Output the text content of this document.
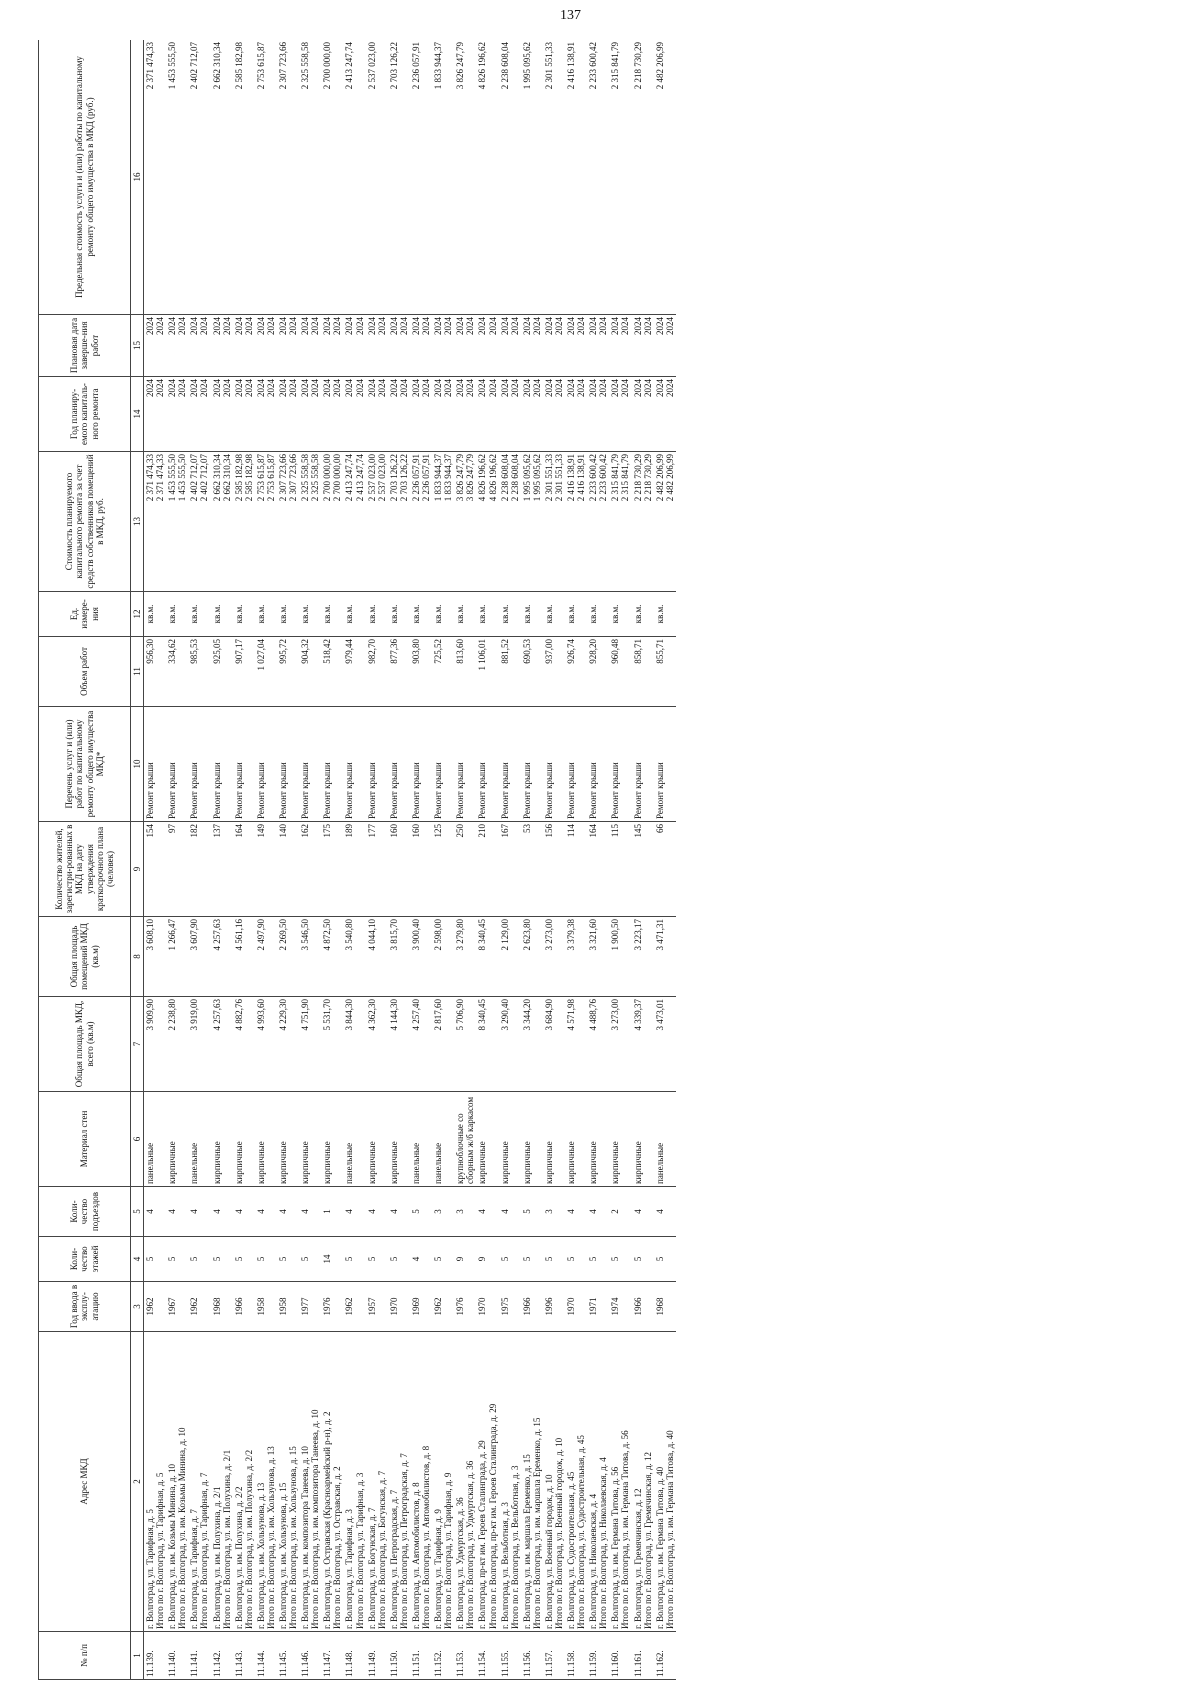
137
№ п/п	Адрес МКД	Год ввода в эксплу-атацию	Коли-чество этажей	Коли-чество подъездов	Материал стен	Общая площадь МКД, всего (кв.м)	Общая площадь помещений МКД (кв.м)	Количество жителей, зарегистри-рованных в МКД на дату утверждения краткосрочного плана (человек)	Перечень услуг и (или) работ по капитальному ремонту общего имущества МКД*	Объем работ	Ед. измере-ния	Стоимость планируемого капитального ремонта за счет средств собственников помещений в МКД, руб.	Год планиру-емого капиталь-ного ремонта	Плановая дата заверше-ния работ	Предельная стоимость услуги и (или) работы по капитальному ремонту общего имущества в МКД (руб.)
1	2	3	4	5	6	7	8	9	10	11	12	13	14	15	16
11.139.	г. Волгоград, ул. Тарифная, д. 5 Итого по г. Волгоград, ул. Тарифная, д. 5	1962	5	4	панельные	3 909,90	3 608,10	154	Ремонт крыши	956,30	кв.м.	2 371 474,33 2 371 474,33	2024 2024	2024 2024	2 371 474,33
11.140.	г. Волгоград, ул. им. Козьмы Минина, д. 10 Итого по г. Волгоград, ул. им. Козьмы Минина, д. 10	1967	5	4	кирпичные	2 238,80	1 266,47	97	Ремонт крыши	334,62	кв.м.	1 453 555,50 1 453 555,50	2024 2024	2024 2024	1 453 555,50
11.141.	г. Волгоград, ул. Тарифная, д. 7 Итого по г. Волгоград, ул. Тарифная, д. 7	1962	5	4	панельные	3 919,00	3 607,90	182	Ремонт крыши	985,53	кв.м.	2 402 712,07 2 402 712,07	2024 2024	2024 2024	2 402 712,07
11.142.	г. Волгоград, ул. им. Полухина, д. 2/1 Итого по г. Волгоград, ул. им. Полухина, д. 2/1	1968	5	4	кирпичные	4 257,63	4 257,63	137	Ремонт крыши	925,05	кв.м.	2 662 310,34 2 662 310,34	2024 2024	2024 2024	2 662 310,34
11.143.	г. Волгоград, ул. им. Полухина, д. 2/2 Итого по г. Волгоград, ул. им. Полухина, д. 2/2	1966	5	4	кирпичные	4 882,76	4 561,16	164	Ремонт крыши	907,17	кв.м.	2 585 182,98 2 585 182,98	2024 2024	2024 2024	2 585 182,98
11.144.	г. Волгоград, ул. им. Хользунова, д. 13 Итого по г. Волгоград, ул. им. Хользунова, д. 13	1958	5	4	кирпичные	4 993,60	2 497,90	149	Ремонт крыши	1 027,04	кв.м.	2 753 615,87 2 753 615,87	2024 2024	2024 2024	2 753 615,87
11.145.	г. Волгоград, ул. им. Хользунова, д. 15 Итого по г. Волгоград, ул. им. Хользунова, д. 15	1958	5	4	кирпичные	4 229,30	2 269,50	140	Ремонт крыши	995,72	кв.м.	2 307 723,66 2 307 723,66	2024 2024	2024 2024	2 307 723,66
11.146.	г. Волгоград, ул. им. композитора Танеева, д. 10 Итого по г. Волгоград, ул. им. композитора Танеева, д. 10	1977	5	4	кирпичные	4 751,90	3 546,50	162	Ремонт крыши	904,32	кв.м.	2 325 558,58 2 325 558,58	2024 2024	2024 2024	2 325 558,58
11.147.	г. Волгоград, ул. Остравская (Красноармейский р-н), д. 2 Итого по г. Волгоград, ул. Остравская, д. 2	1976	14	1	кирпичные	5 531,70	4 872,50	175	Ремонт крыши	518,42	кв.м.	2 700 000,00 2 700 000,00	2024 2024	2024 2024	2 700 000,00
11.148.	г. Волгоград, ул. Тарифная, д. 3 Итого по г. Волгоград, ул. Тарифная, д. 3	1962	5	4	панельные	3 844,30	3 540,80	189	Ремонт крыши	979,44	кв.м.	2 413 247,74 2 413 247,74	2024 2024	2024 2024	2 413 247,74
11.149.	г. Волгоград, ул. Богунская, д. 7 Итого по г. Волгоград, ул. Богунская, д. 7	1957	5	4	кирпичные	4 362,30	4 044,10	177	Ремонт крыши	982,70	кв.м.	2 537 023,00 2 537 023,00	2024 2024	2024 2024	2 537 023,00
11.150.	г. Волгоград, ул. Петроградская, д. 7 Итого по г. Волгоград, ул. Петроградская, д. 7	1970	5	4	кирпичные	4 144,30	3 815,70	160	Ремонт крыши	877,36	кв.м.	2 703 126,22 2 703 126,22	2024 2024	2024 2024	2 703 126,22
11.151.	г. Волгоград, ул. Автомобилистов, д. 8 Итого по г. Волгоград, ул. Автомобилистов, д. 8	1969	4	5	панельные	4 257,40	3 900,40	160	Ремонт крыши	903,80	кв.м.	2 236 057,91 2 236 057,91	2024 2024	2024 2024	2 236 057,91
11.152.	г. Волгоград, ул. Тарифная, д. 9 Итого по г. Волгоград, ул. Тарифная, д. 9	1962	5	3	панельные	2 817,60	2 598,00	125	Ремонт крыши	725,52	кв.м.	1 833 944,37 1 833 944,37	2024 2024	2024 2024	1 833 944,37
11.153.	г. Волгоград, ул. Удмуртская, д. 36 Итого по г. Волгоград, ул. Удмуртская, д. 36	1976	9	3	крупноблочные со сборным ж/б каркасом	5 706,90	3 279,80	250	Ремонт крыши	813,60	кв.м.	3 826 247,79 3 826 247,79	2024 2024	2024 2024	3 826 247,79
11.154.	г. Волгоград, пр-кт им. Героев Сталинграда, д. 29 Итого по г. Волгоград, пр-кт им. Героев Сталинграда, д. 29	1970	9	4	кирпичные	8 340,45	8 340,45	210	Ремонт крыши	1 106,01	кв.м.	4 826 196,62 4 826 196,62	2024 2024	2024 2024	4 826 196,62
11.155.	г. Волгоград, ул. Вельботная, д. 3 Итого по г. Волгоград, ул. Вельботная, д. 3	1975	5	4	кирпичные	3 290,40	2 129,00	167	Ремонт крыши	881,52	кв.м.	2 238 608,04 2 238 608,04	2024 2024	2024 2024	2 238 608,04
11.156.	г. Волгоград, ул. им. маршала Еременко, д. 15 Итого по г. Волгоград, ул. им. маршала Еременко, д. 15	1966	5	5	кирпичные	3 344,20	2 623,80	53	Ремонт крыши	690,53	кв.м.	1 995 095,62 1 995 095,62	2024 2024	2024 2024	1 995 095,62
11.157.	г. Волгоград, ул. Военный городок, д. 10 Итого по г. Волгоград, ул. Военный городок, д. 10	1996	5	3	кирпичные	3 684,90	3 273,00	156	Ремонт крыши	937,00	кв.м.	2 301 551,33 2 301 551,33	2024 2024	2024 2024	2 301 551,33
11.158.	г. Волгоград, ул. Судостроительная, д. 45 Итого по г. Волгоград, ул. Судостроительная, д. 45	1970	5	4	кирпичные	4 571,98	3 379,38	114	Ремонт крыши	926,74	кв.м.	2 416 138,91 2 416 138,91	2024 2024	2024 2024	2 416 138,91
11.159.	г. Волгоград, ул. Николаевская, д. 4 Итого по г. Волгоград, ул. Николаевская, д. 4	1971	5	4	кирпичные	4 488,76	3 321,60	164	Ремонт крыши	928,20	кв.м.	2 233 600,42 2 233 600,42	2024 2024	2024 2024	2 233 600,42
11.160.	г. Волгоград, ул. им. Германа Титова, д. 56 Итого по г. Волгоград, ул. им. Германа Титова, д. 56	1974	5	2	кирпичные	3 273,00	1 900,50	115	Ремонт крыши	960,48	кв.м.	2 315 841,79 2 315 841,79	2024 2024	2024 2024	2 315 841,79
11.161.	г. Волгоград, ул. Гремячинская, д. 12 Итого по г. Волгоград, ул. Гремячинская, д. 12	1966	5	4	кирпичные	4 339,37	3 223,17	145	Ремонт крыши	858,71	кв.м.	2 218 730,29 2 218 730,29	2024 2024	2024 2024	2 218 730,29
11.162.	г. Волгоград, ул. им. Германа Титова, д. 40 Итого по г. Волгоград, ул. им. Германа Титова, д. 40	1968	5	4	панельные	3 473,01	3 471,31	66	Ремонт крыши	855,71	кв.м.	2 482 206,99 2 482 206,99	2024 2024	2024 2024	2 482 206,99
